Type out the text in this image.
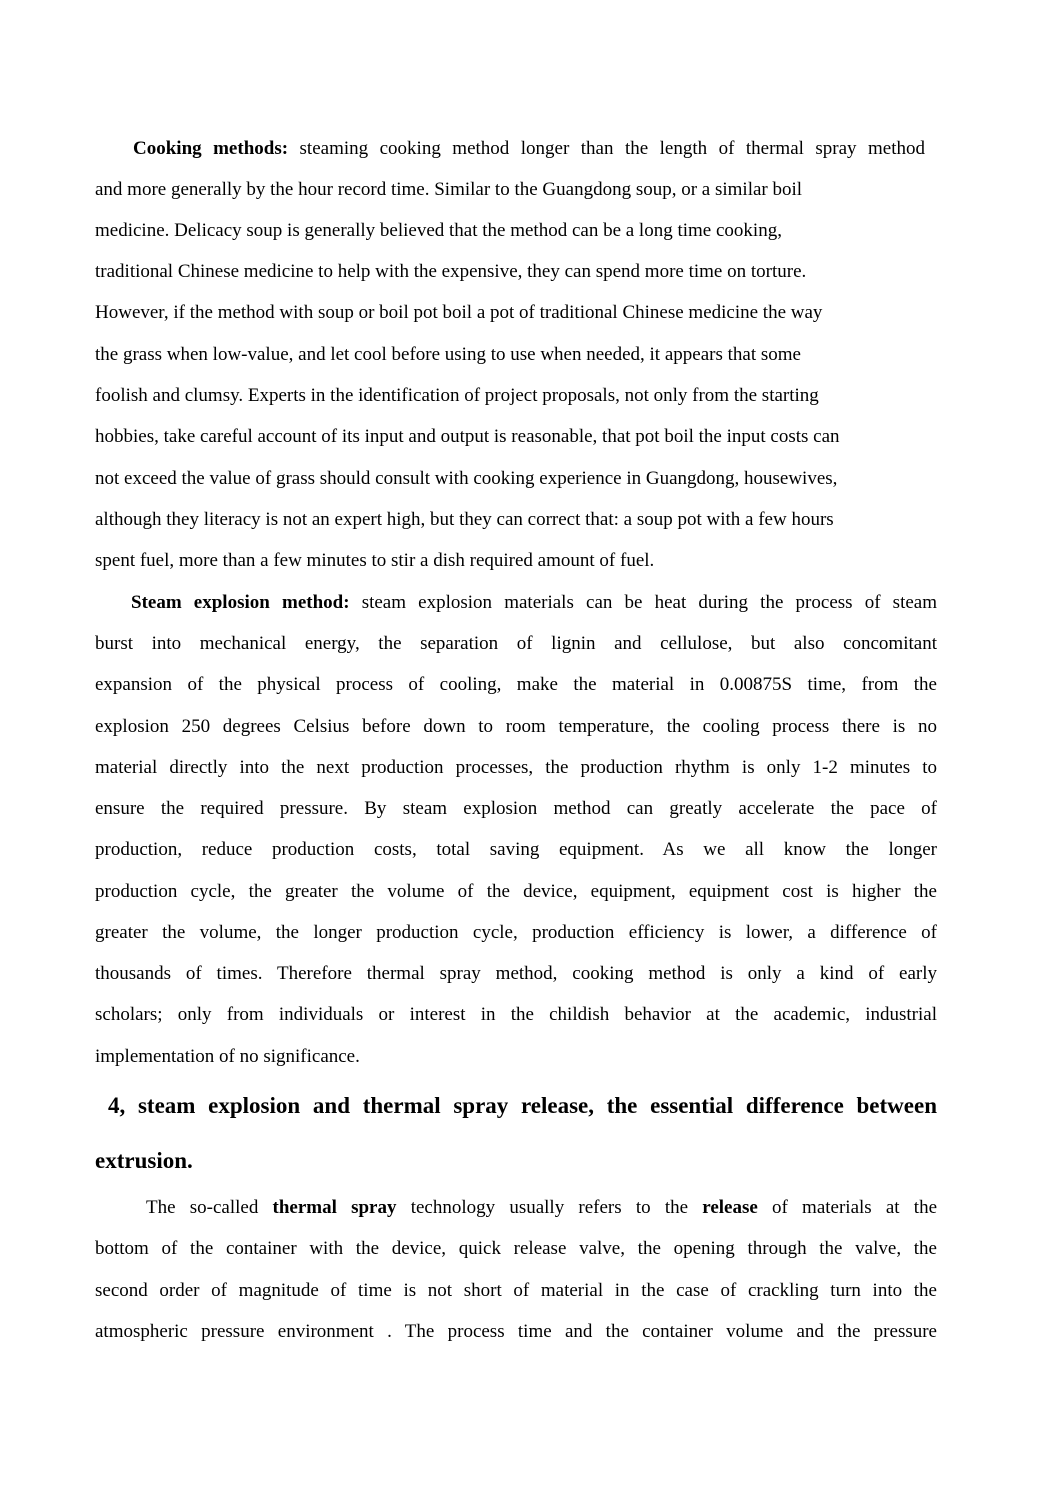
Cooking methods: steaming cooking method longer than the length of thermal spray method
and more generally by the hour record time. Similar to the Guangdong soup, or a similar boil
medicine. Delicacy soup is generally believed that the method can be a long time cooking,
traditional Chinese medicine to help with the expensive, they can spend more time on torture.
However, if the method with soup or boil pot boil a pot of traditional Chinese medicine the way
the grass when low-value, and let cool before using to use when needed, it appears that some
foolish and clumsy. Experts in the identification of project proposals, not only from the starting
hobbies, take careful account of its input and output is reasonable, that pot boil the input costs can
not exceed the value of grass should consult with cooking experience in Guangdong, housewives,
although they literacy is not an expert high, but they can correct that: a soup pot with a few hours
spent fuel, more than a few minutes to stir a dish required amount of fuel.
Steam explosion method: steam explosion materials can be heat during the process of steam
burst into mechanical energy, the separation of lignin and cellulose, but also concomitant
expansion of the physical process of cooling, make the material in 0.00875S time, from the
explosion 250 degrees Celsius before down to room temperature, the cooling process there is no
material directly into the next production processes, the production rhythm is only 1-2 minutes to
ensure the required pressure. By steam explosion method can greatly accelerate the pace of
production, reduce production costs, total saving equipment. As we all know the longer
production cycle, the greater the volume of the device, equipment, equipment cost is higher the
greater the volume, the longer production cycle, production efficiency is lower, a difference of
thousands of times. Therefore thermal spray method, cooking method is only a kind of early
scholars; only from individuals or interest in the childish behavior at the academic, industrial
implementation of no significance.
4, steam explosion and thermal spray release, the essential difference between
extrusion.
The so-called thermal spray technology usually refers to the release of materials at the
bottom of the container with the device, quick release valve, the opening through the valve, the
second order of magnitude of time is not short of material in the case of crackling turn into the
atmospheric pressure environment . The process time and the container volume and the pressure
